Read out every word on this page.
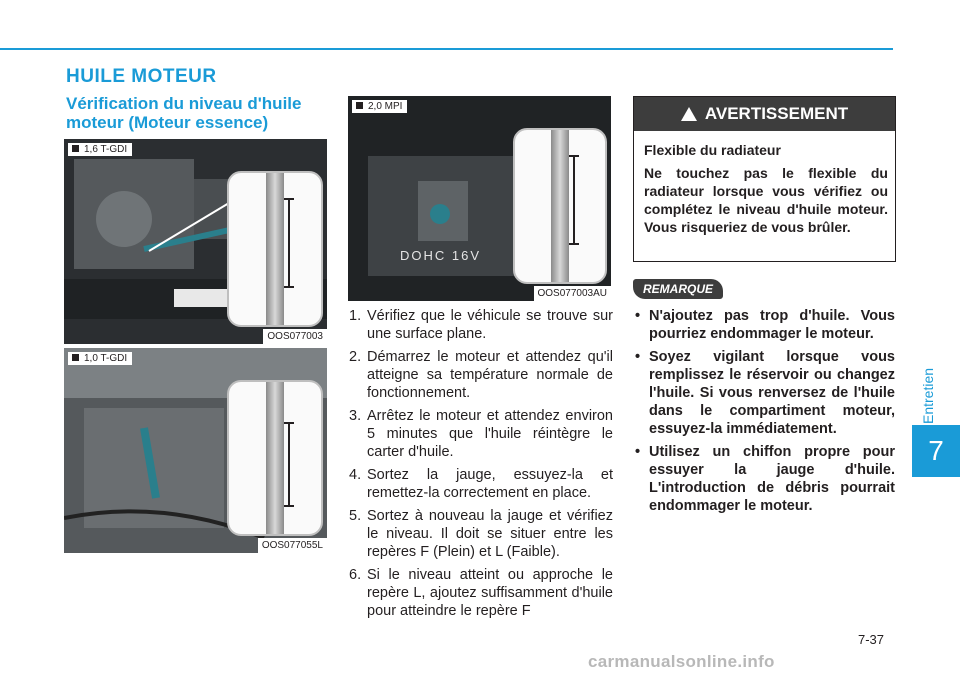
Entretien
7
HUILE MOTEUR
Vérification du niveau d'huile moteur (Moteur essence)
1,6 T-GDI
OOS077003
1,0 T-GDI
OOS077055L
DOHC 16V
2,0 MPI
OOS077003AU
1. Vérifiez que le véhicule se trouve sur une surface plane.
2. Démarrez le moteur et attendez qu'il atteigne sa température normale de fonctionnement.
3. Arrêtez le moteur et attendez environ 5 minutes que l'huile réintègre le carter d'huile.
4. Sortez la jauge, essuyez-la et remettez-la correctement en place.
5. Sortez à nouveau la jauge et vérifiez le niveau. Il doit se situer entre les repères F (Plein) et L (Faible).
6. Si le niveau atteint ou approche le repère L, ajoutez suffisamment d'huile pour atteindre le repère F
AVERTISSEMENT
Flexible du radiateur
Ne touchez pas le flexible du radiateur lorsque vous vérifiez ou complétez le niveau d'huile moteur. Vous risqueriez de vous brûler.
REMARQUE
• N'ajoutez pas trop d'huile. Vous pourriez endommager le moteur.
• Soyez vigilant lorsque vous remplissez le réservoir ou changez l'huile. Si vous renversez de l'huile dans le compartiment moteur, essuyez-la immédiatement.
• Utilisez un chiffon propre pour essuyer la jauge d'huile. L'introduction de débris pourrait endommager le moteur.
7-37
carmanualsonline.info
